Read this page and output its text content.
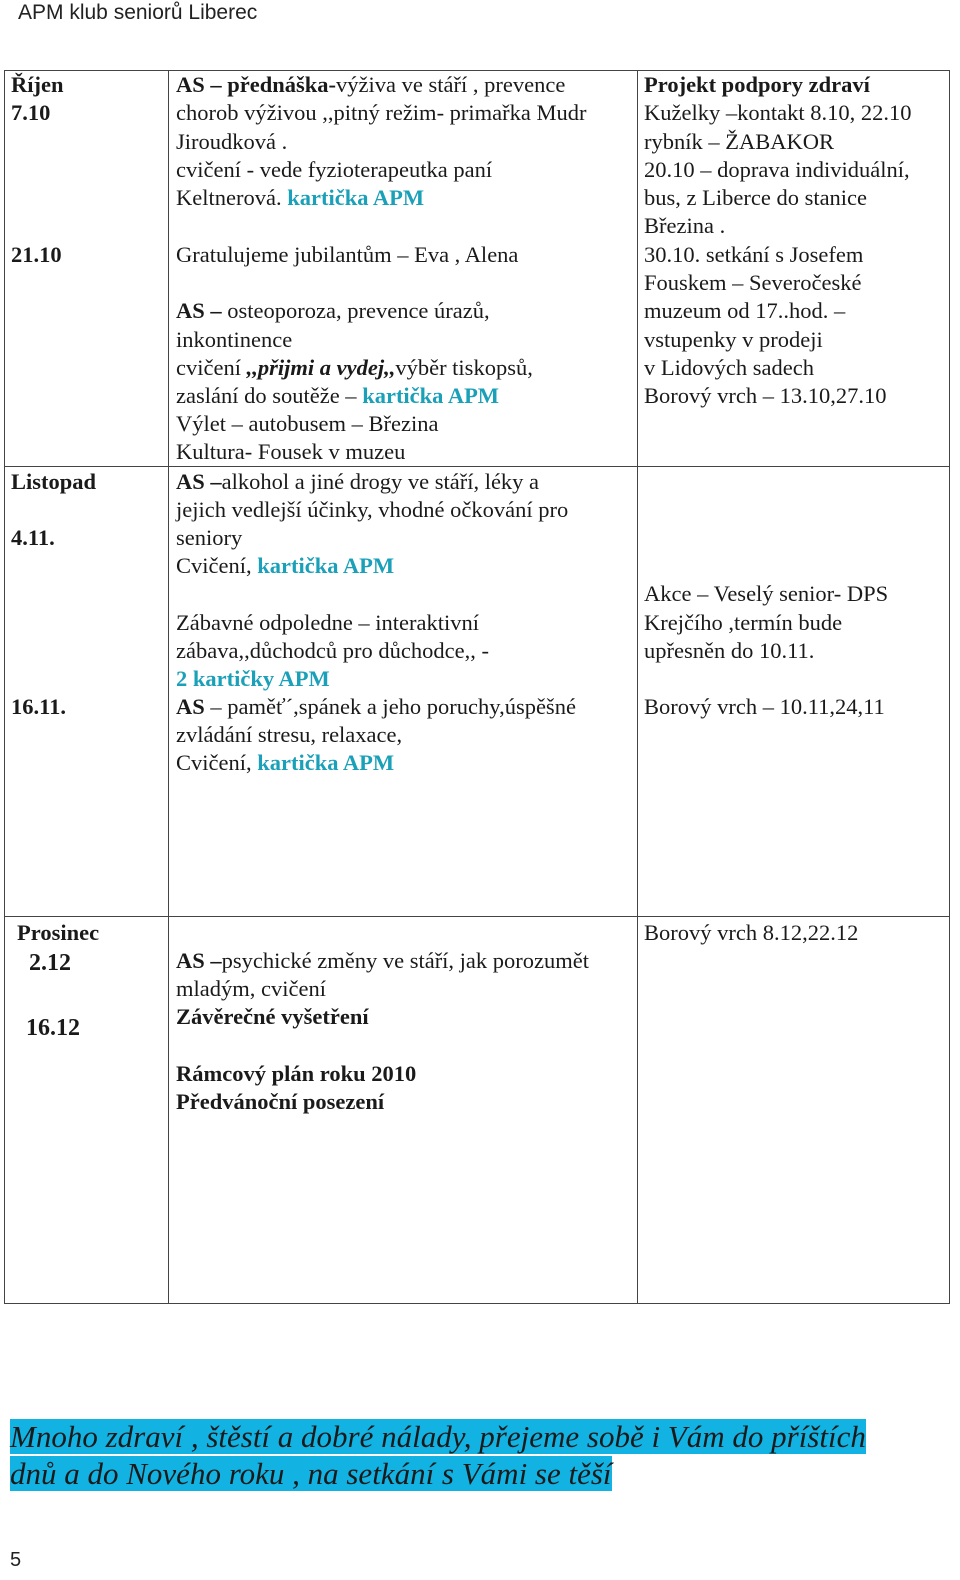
APM klub seniorů Liberec
Říjen
7.10
21.10
AS – přednáška-výživa ve stáří , prevence
chorob výživou ,,pitný režim- primařka Mudr
Jiroudková .
cvičení - vede fyzioterapeutka paní
Keltnerová. kartička APM
Gratulujeme jubilantům – Eva , Alena
AS – osteoporoza, prevence úrazů,
inkontinence
cvičení ,,přijmi a vydej,,výběr tiskopsů,
zaslání do soutěže – kartička APM
Výlet – autobusem – Březina
Kultura- Fousek v muzeu
Projekt podpory zdraví
Kuželky –kontakt 8.10, 22.10
rybník – ŽABAKOR
20.10 – doprava individuální,
bus, z Liberce do stanice
Březina .
30.10. setkání s Josefem
Fouskem – Severočeské
muzeum od 17..hod. –
vstupenky v prodeji
v Lidových sadech
Borový vrch – 13.10,27.10
Listopad
4.11.
16.11.
AS –alkohol a jiné drogy ve stáří, léky a
jejich vedlejší účinky, vhodné očkování pro
seniory
Cvičení, kartička APM
Zábavné odpoledne – interaktivní
zábava,,důchodců pro důchodce,, -
2 kartičky APM
AS – paměť´,spánek a jeho poruchy,úspěšné
zvládání stresu, relaxace,
Cvičení, kartička APM
Akce – Veselý senior- DPS
Krejčího ,termín bude
upřesněn do 10.11.
Borový vrch – 10.11,24,11
Prosinec
2.12
16.12
AS –psychické změny ve stáří, jak porozumět
mladým, cvičení
Závěrečné vyšetření
Rámcový plán roku 2010
Předvánoční posezení
Borový vrch 8.12,22.12
Mnoho zdraví , štěstí a dobré nálady, přejeme sobě i Vám do příštích
dnů a do Nového roku , na setkání s Vámi se těší
5
